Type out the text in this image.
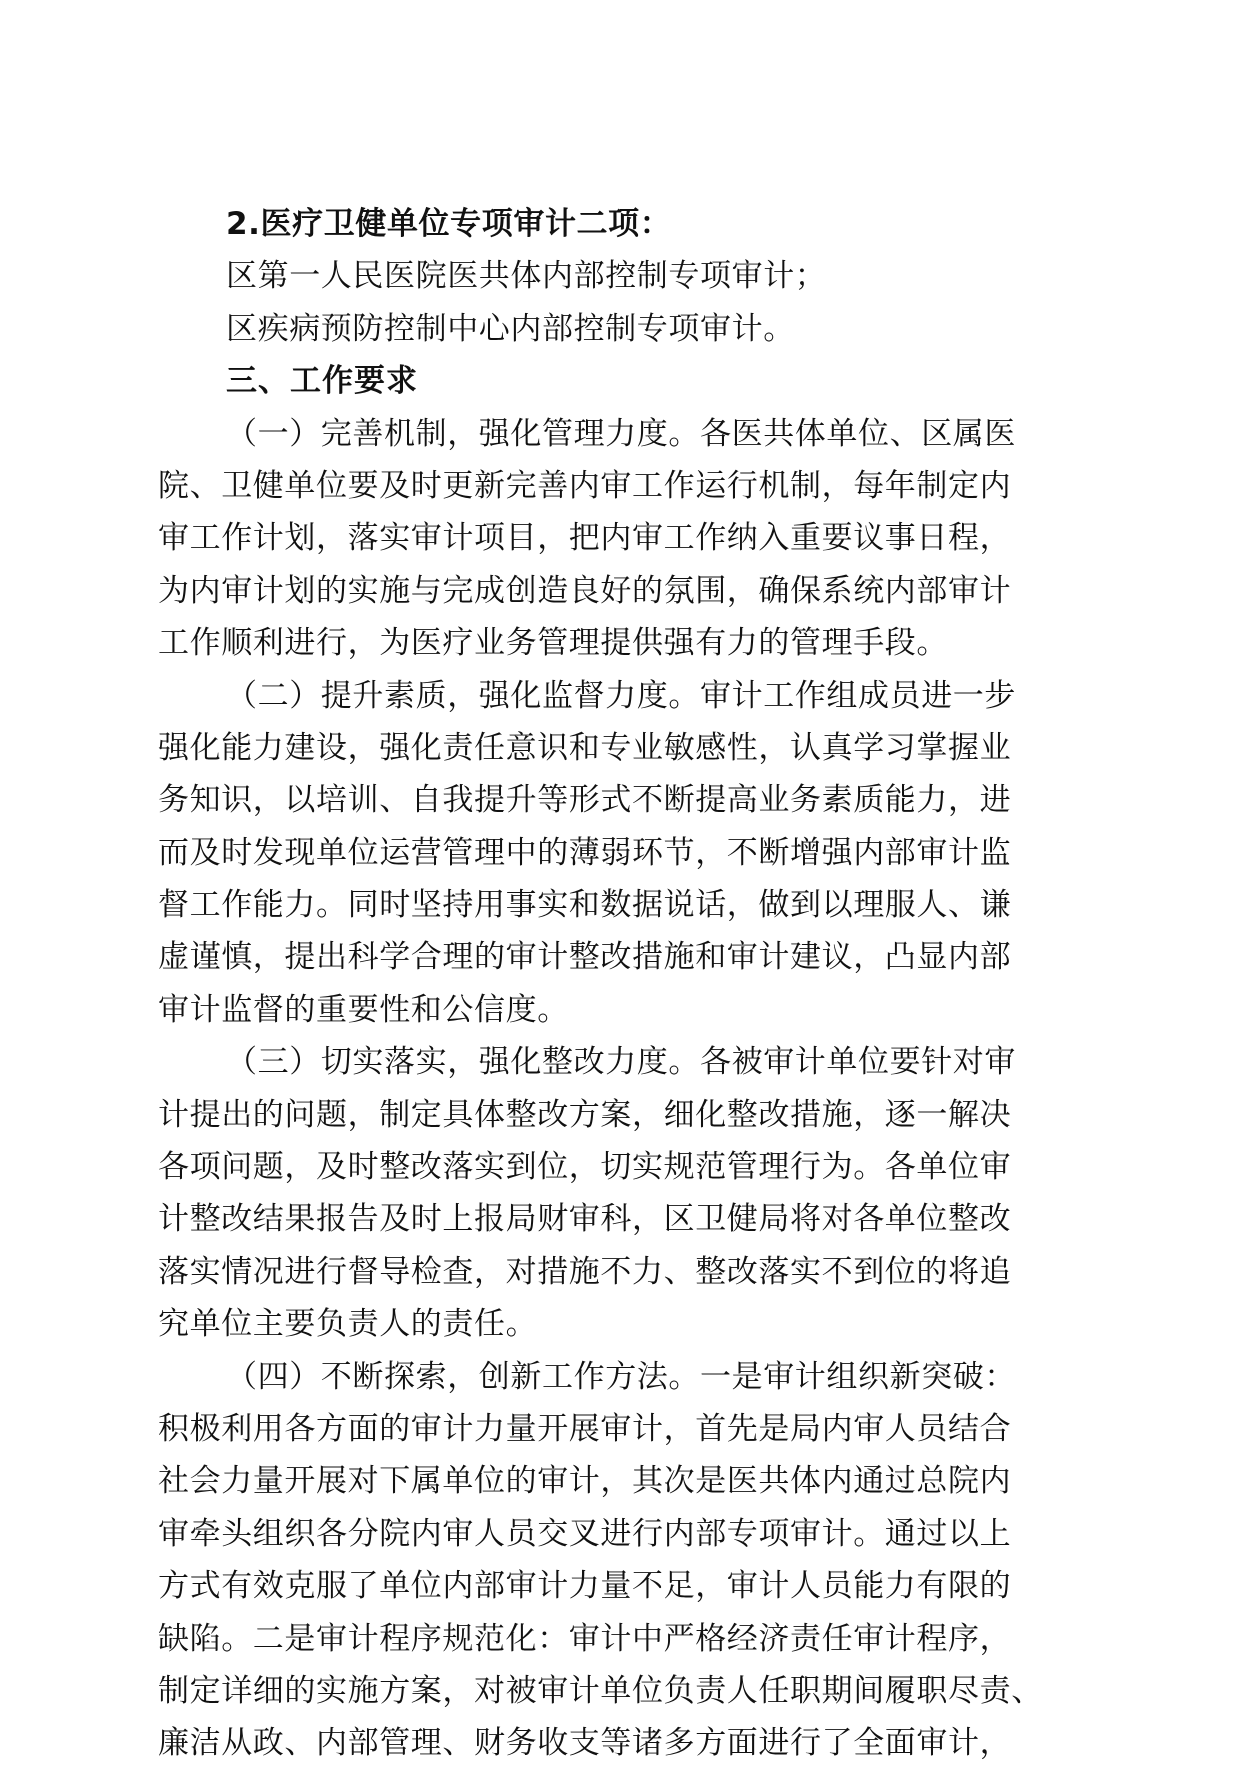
2.医疗卫健单位专项审计二项：
区第一人民医院医共体内部控制专项审计；
区疾病预防控制中心内部控制专项审计。
三、工作要求
（一）完善机制，强化管理力度。各医共体单位、区属医
院、卫健单位要及时更新完善内审工作运行机制，每年制定内
审工作计划，落实审计项目，把内审工作纳入重要议事日程，
为内审计划的实施与完成创造良好的氛围，确保系统内部审计
工作顺利进行，为医疗业务管理提供强有力的管理手段。
（二）提升素质，强化监督力度。审计工作组成员进一步
强化能力建设，强化责任意识和专业敏感性，认真学习掌握业
务知识，以培训、自我提升等形式不断提高业务素质能力，进
而及时发现单位运营管理中的薄弱环节，不断增强内部审计监
督工作能力。同时坚持用事实和数据说话，做到以理服人、谦
虚谨慎，提出科学合理的审计整改措施和审计建议，凸显内部
审计监督的重要性和公信度。
（三）切实落实，强化整改力度。各被审计单位要针对审
计提出的问题，制定具体整改方案，细化整改措施，逐一解决
各项问题，及时整改落实到位，切实规范管理行为。各单位审
计整改结果报告及时上报局财审科，区卫健局将对各单位整改
落实情况进行督导检查，对措施不力、整改落实不到位的将追
究单位主要负责人的责任。
（四）不断探索，创新工作方法。一是审计组织新突破：
积极利用各方面的审计力量开展审计，首先是局内审人员结合
社会力量开展对下属单位的审计，其次是医共体内通过总院内
审牵头组织各分院内审人员交叉进行内部专项审计。通过以上
方式有效克服了单位内部审计力量不足，审计人员能力有限的
缺陷。二是审计程序规范化：审计中严格经济责任审计程序，
制定详细的实施方案，对被审计单位负责人任职期间履职尽责、
廉洁从政、内部管理、财务收支等诸多方面进行了全面审计，
